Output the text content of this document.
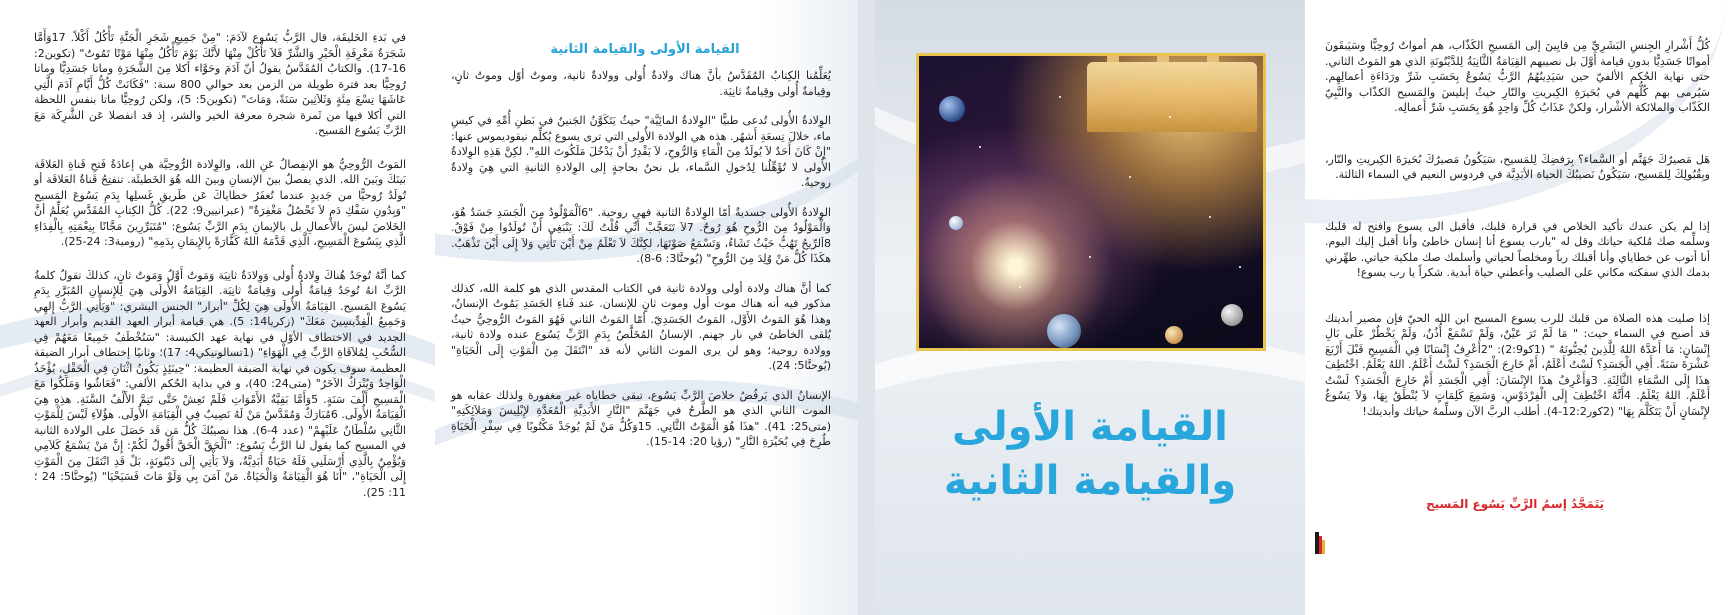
في بَدءِ الخَليقَة، قال الرَّبُّ يَسُوع لآدَمَ: "مِنْ جَمِيعِ شَجَرِ الْجَنَّةِ تَأْكُلُ أَكْلاً. 17وَأَمَّا شَجَرَةُ مَعْرِفَةِ الْخَيْرِ وَالشَّرِّ فَلاَ تَأْكُلْ مِنْهَا لأَنَّكَ يَوْمَ تَأْكُلُ مِنْهَا مَوْتًا تَمُوتُ" (تكوين2: 16-17). والكتابُ المُقَدَّسُ يقولُ أنّ آدَمَ وحَوَّاء أكلا مِنَ الشَّجَرَةِ وماتا جَسَدِيًّا وماتا رُوحِيًّا بعد فترة طويلة من الزمن بعد حوالي 800 سنة: "فَكَانَتْ كُلُّ أَيَّامِ آدَمَ الَّتِي عَاشَهَا تِسْعَ مِئَةٍ وَثَلاَثِينَ سَنَةً، وَمَاتَ" (تكوين5: 5)، ولكن رُوحِيًّا ماتا بنفس اللحظة التي أكلا فيها من ثَمرة شجرة معرفة الخير والشر، إذ قد انفصلا عَن الشَّرِكَة مَعَ الرَّبِّ يَسُوع المَسيح.

المَوتُ الرُّوحِيُّ هو الإنفِصالُ عَنِ الله، والوِلادة الرُّوحِيَّة هي إعادَةُ فَتحِ قَناةِ العَلاقَة بَينَكَ وبَينَ الله. الذي يفصلُ بينَ الإنسانِ وبينَ الله هُوَ الخَطيئَة. تنفتِحُ قَناةُ العَلاقَة أو تُولَدُ رُوحيًّا من جَديدٍ عندما تُغفَرُ خطاياكَ عَن طَريقِ غَسلِها بِدَمِ يَسُوعَ المَسيح "وَبِدُونِ سَفْكِ دَمٍ لاَ تَحْصُلُ مَغْفِرَةٌ" (عبرانيين9: 22). كُلُّ الكِتابِ المُقَدَّسِ يُعَلِّمُ أنَّ الخَلاصَ ليسَ بالأعمالِ بل بالإيمانِ بِدَمِ الرَّبِّ يَسُوع: "مُتَبَرِّرِينَ مَجَّانًا بِنِعْمَتِهِ بِالْفِدَاءِ الَّذِي بِيَسُوعَ الْمَسِيحِ، الَّذِي قَدَّمَهُ اللهُ كَفَّارَةً بِالإِيمَانِ بِدَمِهِ" (رومية3: 24-25).

كما أنَّهُ تُوجَدُ هُناكَ وِلادةٌ أُولى وَوِلادَةٌ ثانِيَة وَمَوتٌ أَوَّلُ وَمَوتٌ ثانٍ، كذلكَ تقولُ كلمةُ الرَّبِّ انهُ تُوجَدُ قِيامَةٌ أُولى وَقِيامَةٌ ثانِيَة. القِيَامَةُ الأُولَى هِيَ لِلإِنسانِ المُبَرَّرِ بِدَمِ يَسُوعَ المَسيح. القِيَامَةُ الأُولَى هِيَ لِكُلِّ "أبرار" الجنس البشري: "وَيَأْتِي الرَّبُّ إِلهِي وَجَمِيعُ الْقِدِّيسِينَ مَعَكَ" (زكريا14: 5). هي قيامة أبرار العهد القديم وأبرار العهد الجديد في الاختطاف الأوّل في نهاية عهد الكنيسة: "سَنُخْطَفُ جَمِيعًا مَعَهُمْ فِي السُّحُبِ لِمُلاَقَاةِ الرَّبِّ فِي الْهَوَاءِ" (1تسالونيكي4: 17)؛ وثانيًا إختطاف أبرار الضيقة العظيمة سوف يكون في نهاية الضيقة العظيمة: "حِينَئِذٍ يَكُونُ اثْنَانِ فِي الْحَقْلِ، يُؤْخَذُ الْوَاحِدُ وَيُتْرَكُ الآخَرُ" (متى24: 40)، و في بداية الحُكم الألفي: "فَعَاشُوا وَمَلَكُوا مَعَ الْمَسِيحِ أَلْفَ سَنَةٍ. 5وَأَمَّا بَقِيَّةُ الأَمْوَاتِ فَلَمْ تَعِشْ حَتَّى تَتِمَّ الأَلْفُ السَّنَةِ. هذِهِ هِيَ الْقِيَامَةُ الأُولَى. 6مُبَارَكٌ وَمُقَدَّسٌ مَنْ لَهُ نَصِيبٌ فِي الْقِيَامَةِ الأُولَى. هؤُلاَءِ لَيْسَ لِلْمَوْتِ الثَّانِي سُلْطَانٌ عَلَيْهِمْ" (عدد 4-6). هذا نصيبُكَ كُلُّ مَن قَد حَصَلَ على الولادة الثانية في المسيح كما يقول لنا الرَّبُّ يَسُوع: "اَلْحَقَّ الْحَقَّ أَقُولُ لَكُمْ: إِنَّ مَنْ يَسْمَعُ كَلاَمِي وَيُؤْمِنُ بِالَّذِي أَرْسَلَنِي فَلَهُ حَيَاةٌ أَبَدِيَّةٌ، وَلاَ يَأْتِي إِلَى دَيْنُونَةٍ، بَلْ قَدِ انْتَقَلَ مِنَ الْمَوْتِ إِلَى الْحَيَاةِ"، "أَنَا هُوَ الْقِيَامَةُ وَالْحَيَاةُ. مَنْ آمَنَ بِي وَلَوْ مَاتَ فَسَيَحْيَا" (يُوحنَّا5: 24 ؛ 11: 25).

القيامة الأولى والقيامة الثانية

يُعَلِّمُنا الكِتابُ المُقَدَّسُ بأنَّ هناك ولادةٌ أُولى وولادةٌ ثانية، وموتٌ أوّل وموتٌ ثانٍ، وقِيامةٌ أُولى وقِيامةٌ ثانِيَة.

الوِلادةُ الأُولى تُدعى طبيًّا "الوِلادةُ المائِيَّة" حيثُ يَتَكَوَّنُ الجَنينُ في بَطنِ أُمِّهِ في كيسِ ماء، خلالَ تِسعَةِ أَشهُر. هذه هي الولادة الأُولى التي ترى يسوع يُكلِّم نيقوديموس عنها: "إِنْ كَانَ أَحَدٌ لاَ يُولَدُ مِنَ الْمَاءِ وَالرُّوحِ، لاَ يَقْدِرُ أَنْ يَدْخُلَ مَلَكُوتَ اللهِ". لكِنَّ هَذِهِ الوِلادةُ الأُولى لا تُؤَهِّلُنا لِدُخولِ السَّماء، بل نحنُ بحاجةٍ إلى الوِلادةِ الثانيةِ التي هِيَ وِلادةٌ روحيةٌ.

الوِلادةُ الأُولى جسديةٌ أمّا الوِلادةُ الثانية فهي روحية. "6اَلْمَوْلُودُ مِنَ الْجَسَدِ جَسَدٌ هُوَ، وَالْمَوْلُودُ مِنَ الرُّوحِ هُوَ رُوحٌ. 7لاَ تَتَعَجَّبْ أَنِّي قُلْتُ لَكَ: يَنْبَغِي أَنْ تُولَدُوا مِنْ فَوْقُ. 8اَلرِّيحُ تَهُبُّ حَيْثُ تَشَاءُ، وَتَسْمَعُ صَوْتَهَا، لكِنَّكَ لاَ تَعْلَمُ مِنْ أَيْنَ تَأْتِي وَلاَ إِلَى أَيْنَ تَذْهَبُ. هكَذَا كُلُّ مَنْ وُلِدَ مِنَ الرُّوحِ" (يُوحنَّا3: 6-8).

كما أنَّ هناك ولادة أولى وولادة ثانية في الكتاب المقدس الذي هو كلمة الله، كذلك مذكور فيه أنه هناك موت أول وموت ثانٍ للإنسان. عند فَناءِ الجَسَدِ يَمُوتُ الإنسانُ، وهذا هُوَ المَوتُ الأَوَّل، المَوتُ الجَسَدِيّ. أمّا المَوتُ الثاني فَهُوَ المَوتُ الرُّوحِيُّ حيثُ يُلقى الخاطئ في نار جهنم. الإنسانُ المُخَلَّصُ بِدَمِ الرَّبِّ يَسُوع عنده ولادة ثانية، وولادة روحية؛ وهو لن يرى الموت الثاني لأنه قد "انْتَقَلَ مِنَ الْمَوْتِ إِلَى الْحَيَاةِ" (يُوحنَّا5: 24).

الإنسانُ الذي يَرفُضُ خلاصَ الرَّبِّ يَسُوع، تبقى خطاياه غير مغفورة ولذلك عقابه هو الموت الثاني الذي هو الطَّرحُ في جَهَنَّمَ "النَّارِ الأَبَدِيَّةِ الْمُعَدَّةِ لإِبْلِيسَ وَمَلاَئِكَتِهِ" (متى25: 41). "هذَا هُوَ الْمَوْتُ الثَّانِي. 15وَكُلُّ مَنْ لَمْ يُوجَدْ مَكْتُوبًا فِي سِفْرِ الْحَيَاةِ طُرِحَ فِي بُحَيْرَةِ النَّارِ" (رؤيا 20: 14-15).	القيامة الأولى
والقيامة الثانية

كُلُّ أَشْرارِ الجِنسِ البَشَرِيِّ مِن قايِينَ إلى المَسيحِ الكَذّاب، هم أمواتٌ رُوحِيًّا وسَيَبقَونَ أمواتًا جَسَدِيًّا بدونِ قيامة أَوَّلَ بل نصيبهم القِيَامَةُ الثَّانِيَةُ لِلدَّيْنُونَةِ الذي هو المَوتُ الثاني. حتى نهاية الحُكمِ الألفيّ حين سَيَدِينُهُمُ الرَّبُّ يَسُوعُ بِحَسَبِ شَرِّ ورَدَاءَةِ أعمالِهِم. سَيُرمى بهم كُلُّهم في بُحَيرَةِ الكِبريتِ والنّارِ حيثُ إبليسَ والمَسيح الكذّاب والنَّبِيّ الكَذّاب والملائكة الأشْرار، ولكنْ عَذَابُ كُلِّ وَاحِدٍ هُوَ بِحَسَبِ شَرِّ أَعمالِه.

هَل مَصيرُكَ جَهَنَّم أو السَّماء؟ بِرَفضِكَ لِلمَسيح، سَيَكُونُ مَصيرُكَ بُحَيرَةَ الكِبريتِ والنّار، وبِقُبُولِكَ لِلمَسيح، سَيَكُونُ نَصيبُكَ الحياة الأبَدِيَّة في فردوس النعيم في السماء الثالثة.

إذا لم يكن عندك تأكيد الخلاص في قرارة قلبك، فأقبل الى يسوع وافتح له قلبك وسلِّمه صك مُلكية حياتك وقل له "يارب يسوع أنا إنسان خاطئ وأنا أقبل إليك اليوم. أنا أتوب عن خطاياي وأنا أقبلك رباً ومخلصاً لحياتي وأسلمك صك ملكية حياتي. طهِّرني بدمك الذي سفكته مكاني على الصليب وأعطني حياة أبدية. شكراً يا رب يسوع!

إذا صليت هذه الصلاة من قلبك للرب يسوع المسيح ابن الله الحيّ فإن مصير أبديتك قد أصبح في السماء حيث: " مَا لَمْ تَرَ عَيْنٌ، وَلَمْ تَسْمَعْ أُذُنٌ، وَلَمْ يَخْطُرْ عَلَى بَالِ إِنْسَانٍ: مَا أَعَدَّهُ اللهُ لِلَّذِينَ يُحِبُّونَهُ " (1كو2:9): "2أَعْرِفُ إِنْسَانًا فِي الْمَسِيحِ قَبْلَ أَرْبَعَ عَشْرَةَ سَنَةً. أَفِي الْجَسَدِ؟ لَسْتُ أَعْلَمُ، أَمْ خَارِجَ الْجَسَدِ؟ لَسْتُ أَعْلَمُ. اللهُ يَعْلَمُ. اخْتُطِفَ هذَا إِلَى السَّمَاءِ الثَّالِثَةِ. 3وَأَعْرِفُ هذَا الإِنْسَانَ: أَفِي الْجَسَدِ أَمْ خَارِجَ الْجَسَدِ؟ لَسْتُ أَعْلَمُ. اللهُ يَعْلَمُ. 4أَنَّهُ اخْتُطِفَ إِلَى الْفِرْدَوْسِ، وَسَمِعَ كَلِمَاتٍ لاَ يُنْطَقُ بِهَا، وَلاَ يَسُوغُ لإِنْسَانٍ أَنْ يَتَكَلَّمَ بِهَا" (2كور12:2-4). أطلب الربَّ الآن وسلِّمهُ حياتك وأبديتك!

يَتَمَجَّدُ إسمُ الرَّبِّ يَسُوع المَسيح
